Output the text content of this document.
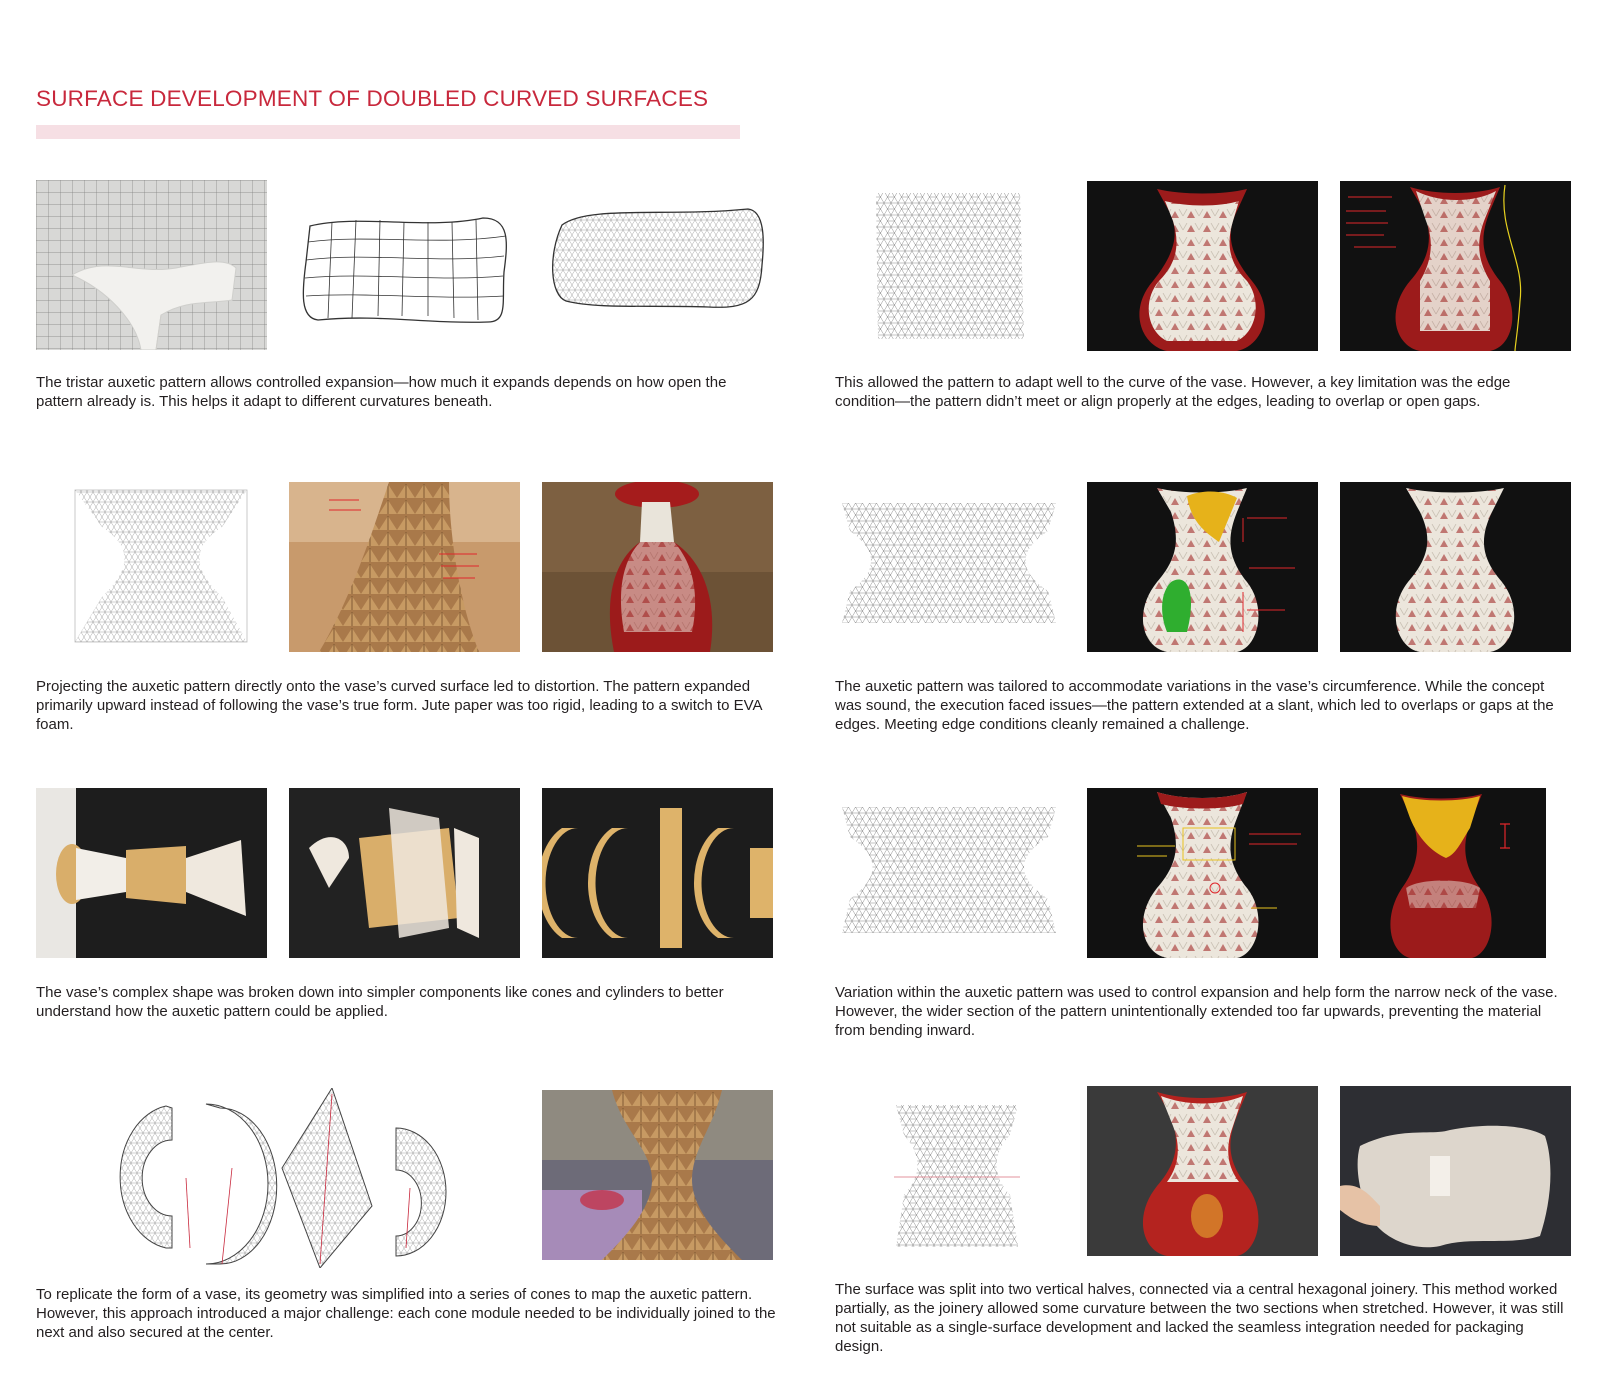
SURFACE DEVELOPMENT OF DOUBLED CURVED SURFACES

The tristar auxetic pattern allows controlled expansion—how much it expands depends on how open the pattern already is. This helps it adapt to different curvatures beneath.

This allowed the pattern to adapt well to the curve of the vase. However, a key limitation was the edge condition—the pattern didn’t meet or align properly at the edges, leading to overlap or open gaps.

Projecting the auxetic pattern directly onto the vase’s curved surface led to distortion. The pattern expanded primarily upward instead of following the vase’s true form. Jute paper was too rigid, leading to a switch to EVA foam.

The auxetic pattern was tailored to accommodate variations in the vase’s circumference. While the concept was sound, the execution faced issues—the pattern extended at a slant, which led to overlaps or gaps at the edges. Meeting edge conditions cleanly remained a challenge.

The vase’s complex shape was broken down into simpler components like cones and cylinders to better understand how the auxetic pattern could be applied.

Variation within the auxetic pattern was used to control expansion and help form the narrow neck of the vase. However, the wider section of the pattern unintentionally extended too far upwards, preventing the material from bending inward.

To replicate the form of a vase, its geometry was simplified into a series of cones to map the auxetic pattern. However, this approach introduced a major challenge: each cone module needed to be individually joined to the next and also secured at the center.

The surface was split into two vertical halves, connected via a central hexagonal joinery. This method worked partially, as the joinery allowed some curvature between the two sections when stretched. However, it was still not suitable as a single-surface development and lacked the seamless integration needed for packaging design.
